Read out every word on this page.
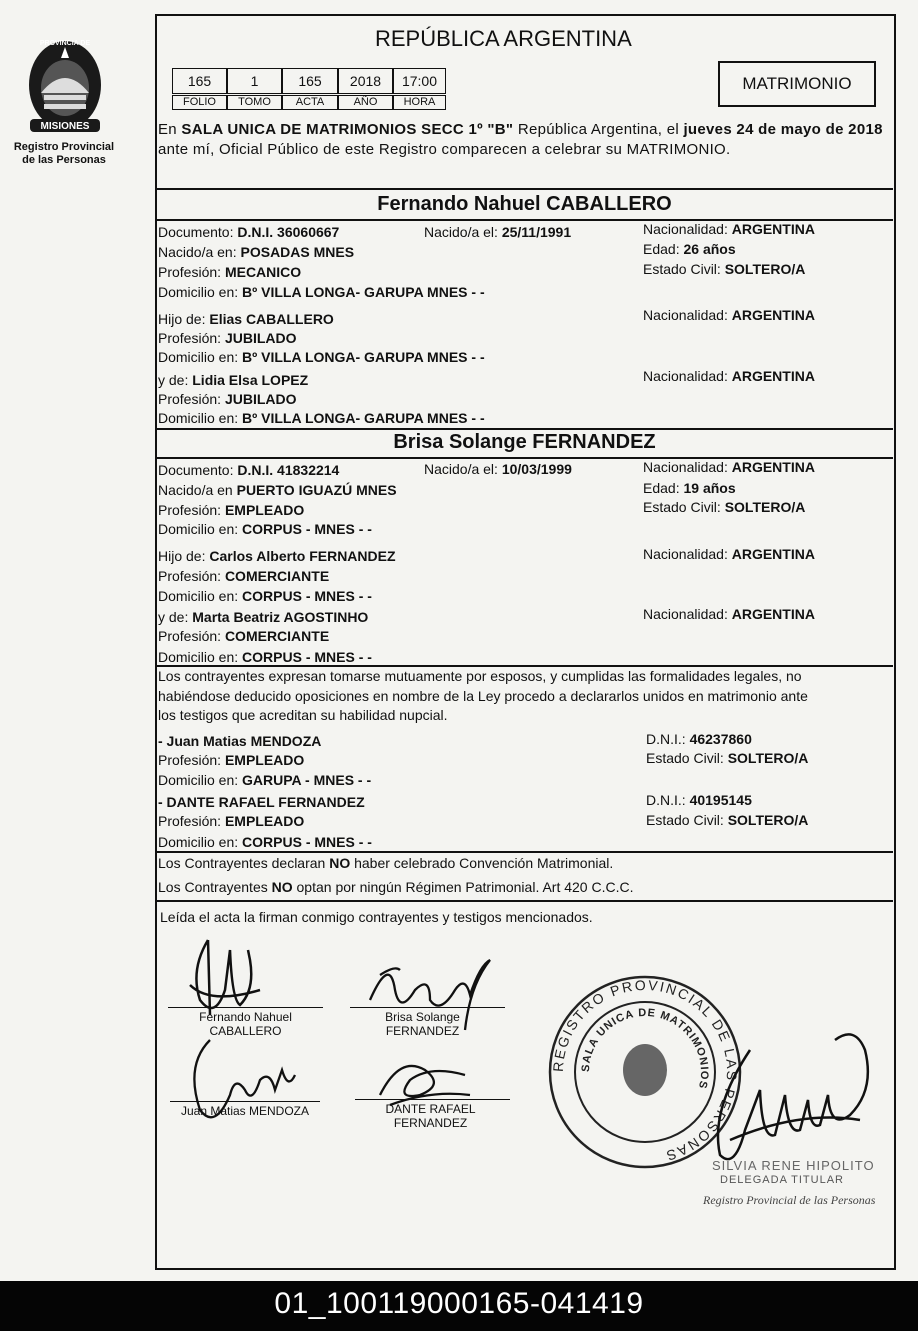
MISIONES
PROVINCIA DE
Registro Provincial
de las Personas
REPÚBLICA ARGENTINA
165	1	165	2018	17:00
FOLIO	TOMO	ACTA	AÑO	HORA
MATRIMONIO
En SALA UNICA DE MATRIMONIOS SECC 1º "B" República Argentina, el jueves 24 de mayo de 2018 ante mí, Oficial Público de este Registro comparecen a celebrar su MATRIMONIO.
Fernando Nahuel CABALLERO
Documento: D.N.I. 36060667	Nacido/a el: 25/11/1991
Nacido/a en: POSADAS MNES
Profesión: MECANICO
Domicilio en: Bº VILLA LONGA- GARUPA MNES - -
Nacionalidad: ARGENTINA
Edad: 26 años
Estado Civil: SOLTERO/A
Hijo de: Elias CABALLERO
Profesión: JUBILADO
Domicilio en: Bº VILLA LONGA- GARUPA MNES - -
Nacionalidad: ARGENTINA
y de: Lidia Elsa LOPEZ
Profesión: JUBILADO
Domicilio en: Bº VILLA LONGA- GARUPA MNES - -
Nacionalidad: ARGENTINA
Brisa Solange FERNANDEZ
Documento: D.N.I. 41832214	Nacido/a el: 10/03/1999
Nacido/a en PUERTO IGUAZÚ MNES
Profesión: EMPLEADO
Domicilio en: CORPUS - MNES - -
Nacionalidad: ARGENTINA
Edad: 19 años
Estado Civil: SOLTERO/A
Hijo de: Carlos Alberto FERNANDEZ
Profesión: COMERCIANTE
Domicilio en: CORPUS - MNES - -
Nacionalidad: ARGENTINA
y de: Marta Beatriz AGOSTINHO
Profesión: COMERCIANTE
Domicilio en: CORPUS - MNES - -
Nacionalidad: ARGENTINA
Los contrayentes expresan tomarse mutuamente por esposos, y cumplidas las formalidades legales, no
habiéndose deducido oposiciones en nombre de la Ley procedo a declararlos unidos en matrimonio ante
los testigos que acreditan su habilidad nupcial.
- Juan Matias MENDOZA
Profesión: EMPLEADO
Domicilio en: GARUPA - MNES - -
D.N.I.: 46237860
Estado Civil: SOLTERO/A
- DANTE RAFAEL FERNANDEZ
Profesión: EMPLEADO
Domicilio en: CORPUS - MNES - -
D.N.I.: 40195145
Estado Civil: SOLTERO/A
Los Contrayentes declaran NO haber celebrado Convención Matrimonial.
Los Contrayentes NO optan por ningún Régimen Patrimonial. Art 420 C.C.C.
Leída el acta la firman conmigo contrayentes y testigos mencionados.
Fernando Nahuel
CABALLERO
Brisa Solange
FERNANDEZ
Juan Matias MENDOZA	DANTE RAFAEL
FERNANDEZ
REGISTRO PROVINCIAL DE LAS PERSONAS
SALA UNICA DE MATRIMONIOS
SILVIA RENE HIPOLITO
DELEGADA TITULAR
Registro Provincial de las Personas
01_100119000165-041419
